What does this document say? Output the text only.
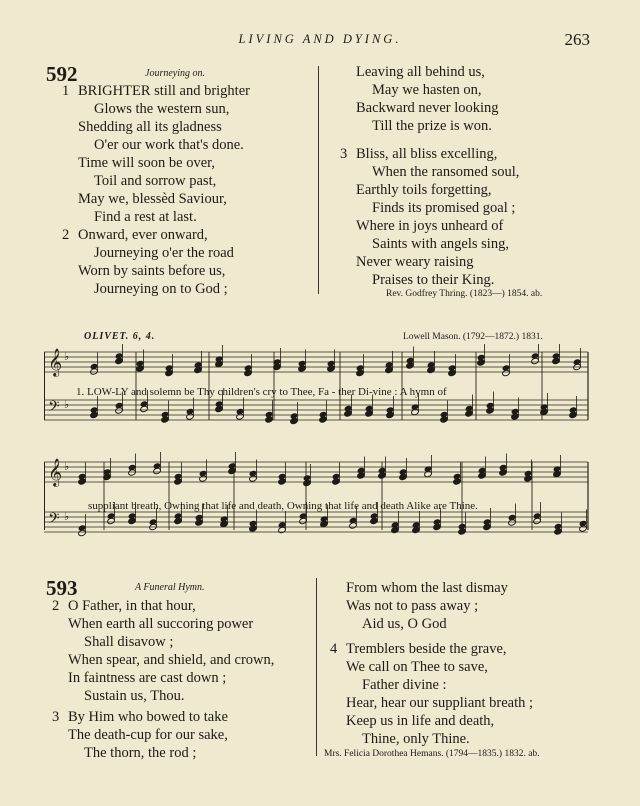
LIVING AND DYING.	263
592	Journeying on.
1 BRIGHTER still and brighter
Glows the western sun,
Shedding all its gladness
O'er our work that's done.
Time will soon be over,
Toil and sorrow past,
May we, blessèd Saviour,
Find a rest at last.
2 Onward, ever onward,
Journeying o'er the road
Worn by saints before us,
Journeying on to God ;
Leaving all behind us,
May we hasten on,
Backward never looking
Till the prize is won.
3 Bliss, all bliss excelling,
When the ransomed soul,
Earthly toils forgetting,
Finds its promised goal ;
Where in joys unheard of
Saints with angels sing,
Never weary raising
Praises to their King.
Rev. Godfrey Thring. (1823—) 1854. ab.
OLIVET. 6, 4.	Lowell Mason. (1792—1872.) 1831.
𝄞 ♭
𝄢 ♭
𝄞 ♭
𝄢 ♭
1. LOW-LY and solemn be Thy children's cry to Thee, Fa - ther Di-vine : A hymn of
suppliant breath, Owning that life and death, Owning that life and death Alike are Thine.
593	A Funeral Hymn.
2 O Father, in that hour,
When earth all succoring power
Shall disavow ;
When spear, and shield, and crown,
In faintness are cast down ;
Sustain us, Thou.
3 By Him who bowed to take
The death-cup for our sake,
The thorn, the rod ;
From whom the last dismay
Was not to pass away ;
Aid us, O God
4 Tremblers beside the grave,
We call on Thee to save,
Father divine :
Hear, hear our suppliant breath ;
Keep us in life and death,
Thine, only Thine.
Mrs. Felicia Dorothea Hemans. (1794—1835.) 1832. ab.
